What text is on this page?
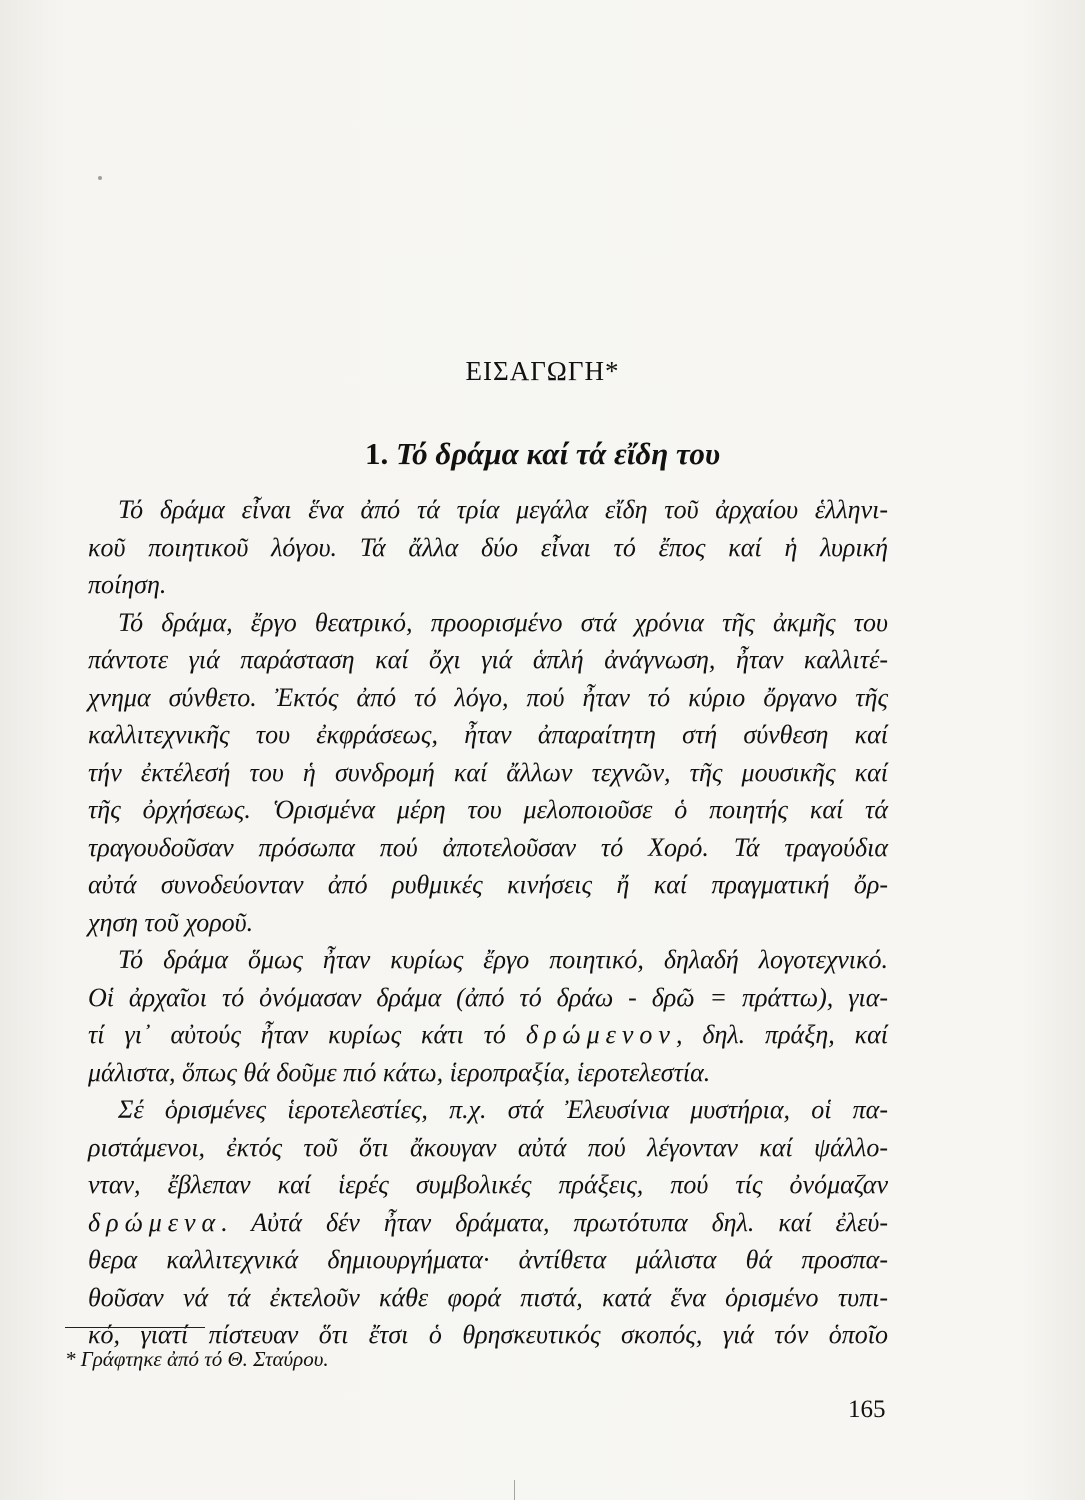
ΕΙΣΑΓΩΓΗ*
1. Τό δράμα καί τά εἴδη του
Τό δράμα εἶναι ἕνα ἀπό τά τρία μεγάλα εἴδη τοῦ ἀρχαίου ἑλληνι-
κοῦ ποιητικοῦ λόγου. Τά ἄλλα δύο εἶναι τό ἔπος καί ἡ λυρική
ποίηση.
Τό δράμα, ἔργο θεατρικό, προορισμένο στά χρόνια τῆς ἀκμῆς του
πάντοτε γιά παράσταση καί ὄχι γιά ἁπλή ἀνάγνωση, ἦταν καλλιτέ-
χνημα σύνθετο. Ἐκτός ἀπό τό λόγο, πού ἦταν τό κύριο ὄργανο τῆς
καλλιτεχνικῆς του ἐκφράσεως, ἦταν ἀπαραίτητη στή σύνθεση καί
τήν ἐκτέλεσή του ἡ συνδρομή καί ἄλλων τεχνῶν, τῆς μουσικῆς καί
τῆς ὀρχήσεως. Ὁρισμένα μέρη του μελοποιοῦσε ὁ ποιητής καί τά
τραγουδοῦσαν πρόσωπα πού ἀποτελοῦσαν τό Χορό. Τά τραγούδια
αὐτά συνοδεύονταν ἀπό ρυθμικές κινήσεις ἤ καί πραγματική ὄρ-
χηση τοῦ χοροῦ.
Τό δράμα ὅμως ἦταν κυρίως ἔργο ποιητικό, δηλαδή λογοτεχνικό.
Οἱ ἀρχαῖοι τό ὀνόμασαν δράμα (ἀπό τό δράω - δρῶ = πράττω), για-
τί γι᾽ αὐτούς ἦταν κυρίως κάτι τό δρώμενον, δηλ. πράξη, καί
μάλιστα, ὅπως θά δοῦμε πιό κάτω, ἱεροπραξία, ἱεροτελεστία.
Σέ ὁρισμένες ἱεροτελεστίες, π.χ. στά Ἐλευσίνια μυστήρια, οἱ πα-
ριστάμενοι, ἐκτός τοῦ ὅτι ἄκουγαν αὐτά πού λέγονταν καί ψάλλο-
νταν, ἔβλεπαν καί ἱερές συμβολικές πράξεις, πού τίς ὀνόμαζαν
δρώμενα. Αὐτά δέν ἦταν δράματα, πρωτότυπα δηλ. καί ἐλεύ-
θερα καλλιτεχνικά δημιουργήματα· ἀντίθετα μάλιστα θά προσπα-
θοῦσαν νά τά ἐκτελοῦν κάθε φορά πιστά, κατά ἕνα ὁρισμένο τυπι-
κό, γιατί πίστευαν ὅτι ἔτσι ὁ θρησκευτικός σκοπός, γιά τόν ὁποῖο
* Γράφτηκε ἀπό τό Θ. Σταύρου.
165
